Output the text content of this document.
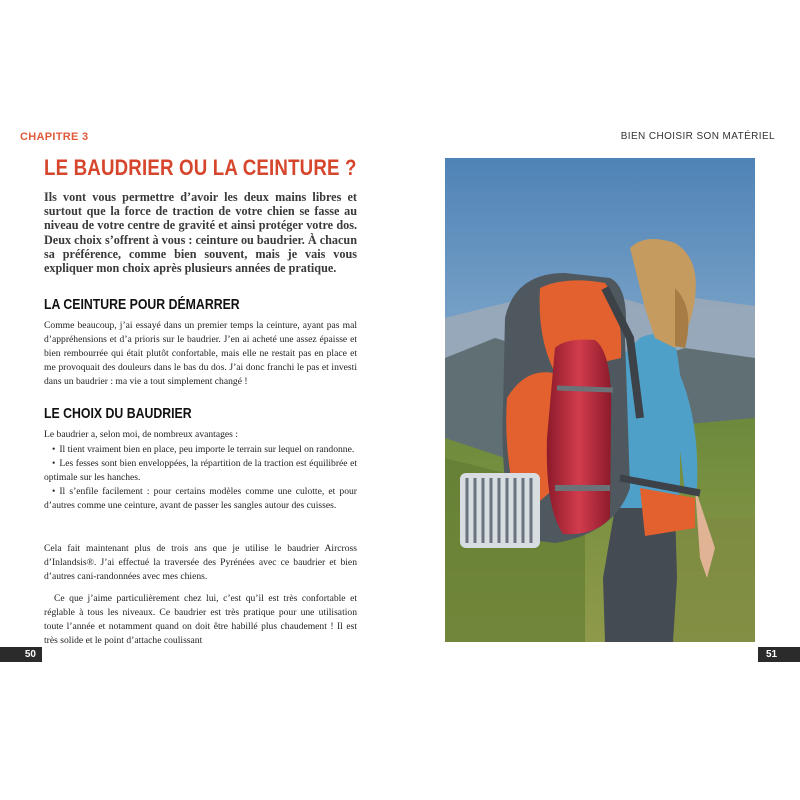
CHAPITRE 3	BIEN CHOISIR SON MATÉRIEL
LE BAUDRIER OU LA CEINTURE ?

Ils vont vous permettre d’avoir les deux mains libres et surtout que la force de traction de votre chien se fasse au niveau de votre centre de gravité et ainsi protéger votre dos. Deux choix s’offrent à vous : ceinture ou baudrier. À chacun sa préférence, comme bien souvent, mais je vais vous expliquer mon choix après plusieurs années de pratique.

LA CEINTURE POUR DÉMARRER

Comme beaucoup, j’ai essayé dans un premier temps la ceinture, ayant pas mal d’appréhensions et d’a prioris sur le baudrier. J’en ai acheté une assez épaisse et bien rembourrée qui était plutôt confortable, mais elle ne restait pas en place et me provoquait des douleurs dans le bas du dos. J’ai donc franchi le pas et investi dans un baudrier : ma vie a tout simplement changé !

LE CHOIX DU BAUDRIER

Le baudrier a, selon moi, de nombreux avantages :

• Il tient vraiment bien en place, peu importe le terrain sur lequel on randonne.
• Les fesses sont bien enveloppées, la répartition de la traction est équilibrée et optimale sur les hanches.
• Il s’enfile facilement : pour certains modèles comme une culotte, et pour d’autres comme une ceinture, avant de passer les sangles autour des cuisses.

Cela fait maintenant plus de trois ans que je utilise le baudrier Aircross d’Inlandsis®. J’ai effectué la traversée des Pyrénées avec ce baudrier et bien d’autres cani-randonnées avec mes chiens.

Ce que j’aime particulièrement chez lui, c’est qu’il est très confortable et réglable à tous les niveaux. Ce baudrier est très pratique pour une utilisation toute l’année et notamment quand on doit être habillé plus chaudement ! Il est très solide et le point d’attache coulissant

50	51
